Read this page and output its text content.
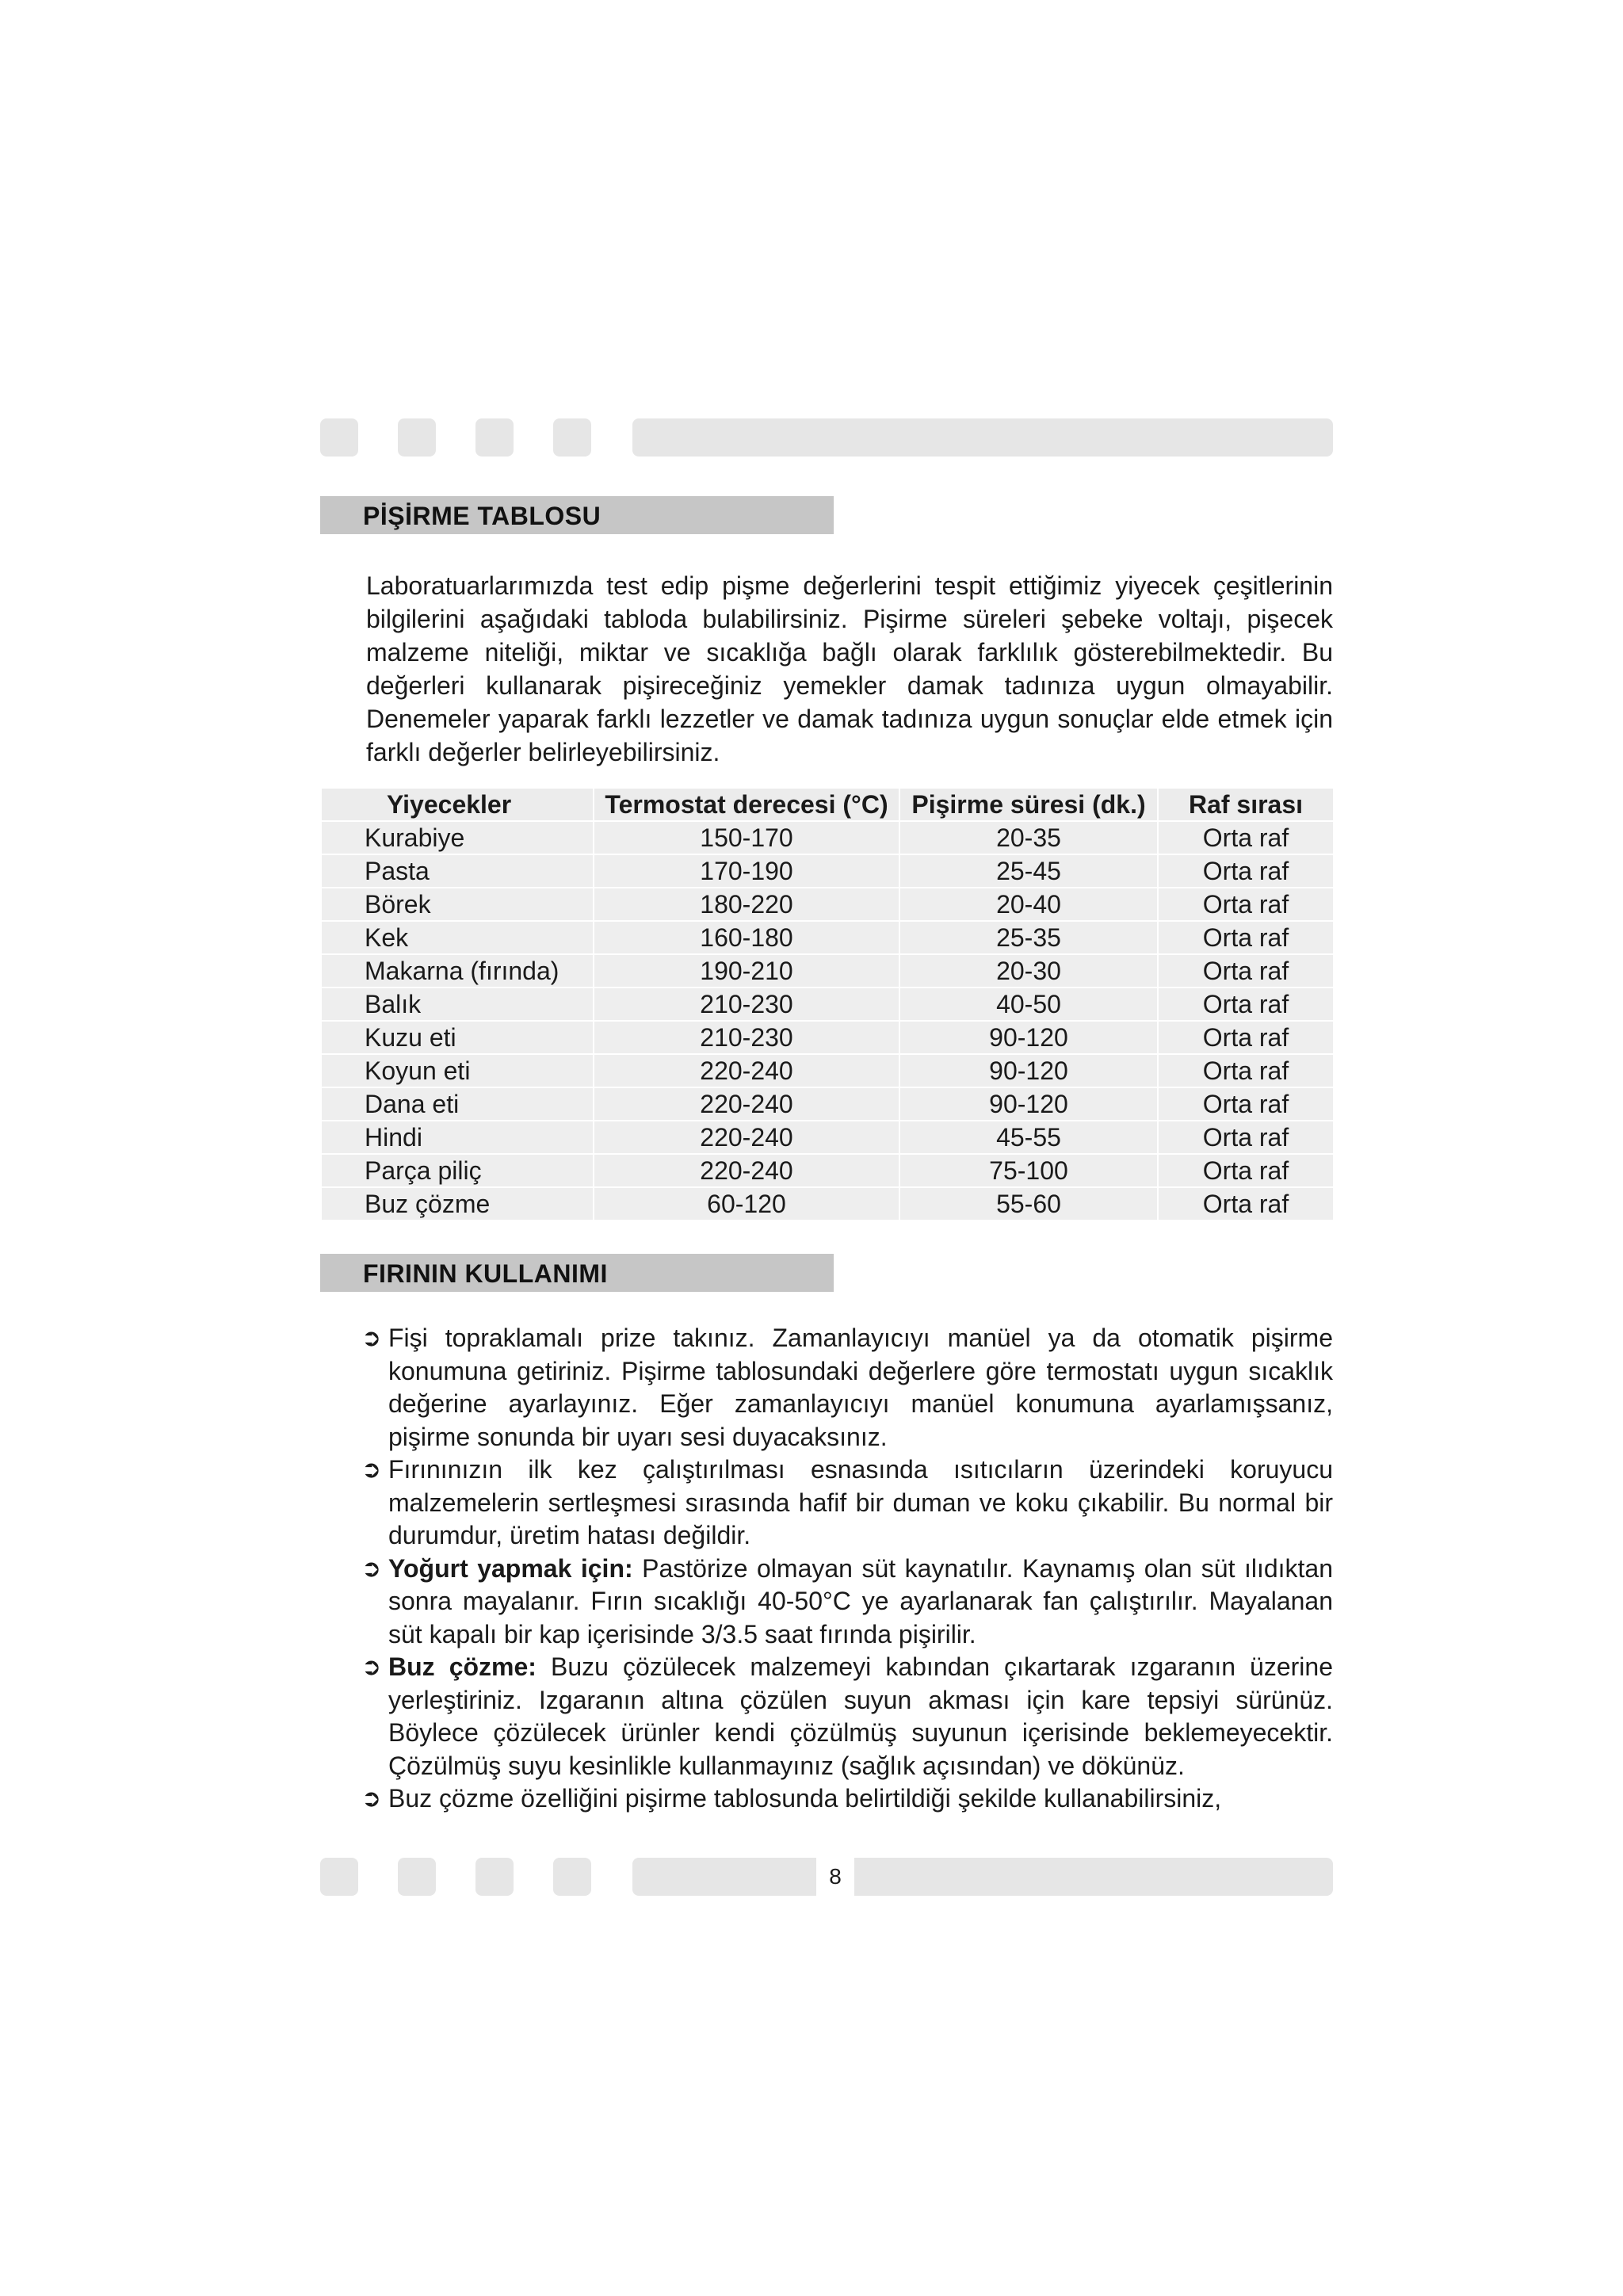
PİŞİRME TABLOSU

Laboratuarlarımızda test edip pişme değerlerini tespit ettiğimiz yiyecek çeşitlerinin bilgilerini aşağıdaki tabloda bulabilirsiniz. Pişirme süreleri şebeke voltajı, pişecek malzeme niteliği, miktar ve sıcaklığa bağlı olarak farklılık gösterebilmektedir. Bu değerleri kullanarak pişireceğiniz yemekler damak tadınıza uygun olmayabilir. Denemeler yaparak farklı lezzetler ve damak tadınıza uygun sonuçlar elde etmek için farklı değerler belirleyebilirsiniz.

Yiyecekler	Termostat derecesi (°C)	Pişirme süresi (dk.)	Raf sırası
Kurabiye	150-170	20-35	Orta raf
Pasta	170-190	25-45	Orta raf
Börek	180-220	20-40	Orta raf
Kek	160-180	25-35	Orta raf
Makarna (fırında)	190-210	20-30	Orta raf
Balık	210-230	40-50	Orta raf
Kuzu eti	210-230	90-120	Orta raf
Koyun eti	220-240	90-120	Orta raf
Dana eti	220-240	90-120	Orta raf
Hindi	220-240	45-55	Orta raf
Parça piliç	220-240	75-100	Orta raf
Buz çözme	60-120	55-60	Orta raf
FIRININ KULLANIMI
➲ Fişi topraklamalı prize takınız. Zamanlayıcıyı manüel ya da otomatik pişirme konumuna getiriniz. Pişirme tablosundaki değerlere göre termostatı uygun sıcaklık değerine ayarlayınız. Eğer zamanlayıcıyı manüel konumuna ayarlamışsanız, pişirme sonunda bir uyarı sesi duyacaksınız.
➲ Fırınınızın ilk kez çalıştırılması esnasında ısıtıcıların üzerindeki koruyucu malzemelerin sertleşmesi sırasında hafif bir duman ve koku çıkabilir. Bu normal bir durumdur, üretim hatası değildir.
➲ Yoğurt yapmak için: Pastörize olmayan süt kaynatılır. Kaynamış olan süt ılıdıktan sonra mayalanır. Fırın sıcaklığı 40-50°C ye ayarlanarak fan çalıştırılır. Mayalanan süt kapalı bir kap içerisinde 3/3.5 saat fırında pişirilir.
➲ Buz çözme: Buzu çözülecek malzemeyi kabından çıkartarak ızgaranın üzerine yerleştiriniz. Izgaranın altına çözülen suyun akması için kare tepsiyi sürünüz. Böylece çözülecek ürünler kendi çözülmüş suyunun içerisinde beklemeyecektir. Çözülmüş suyu kesinlikle kullanmayınız (sağlık açısından) ve dökünüz.
➲ Buz çözme özelliğini pişirme tablosunda belirtildiği şekilde kullanabilirsiniz,
8
